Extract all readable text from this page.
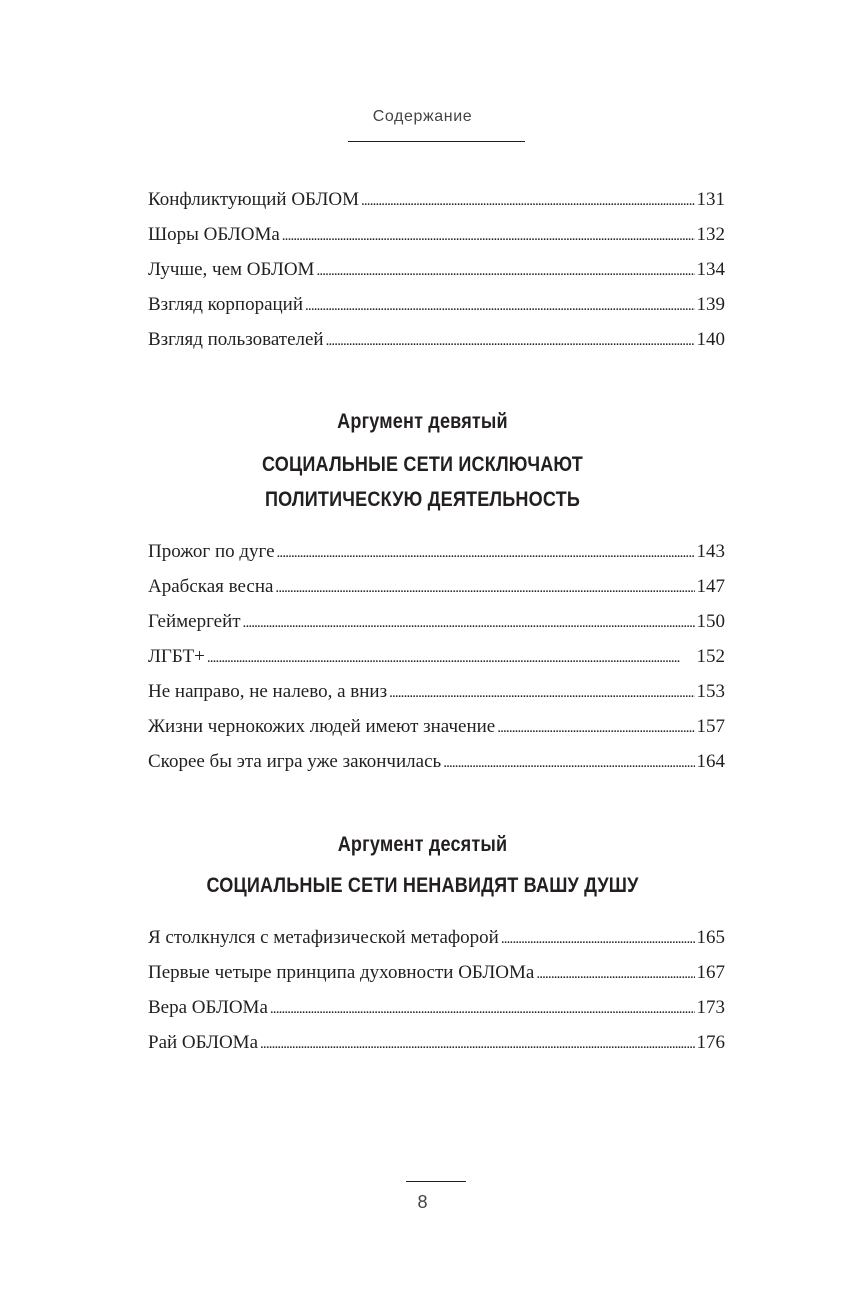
Содержание
Конфликтующий ОБЛОМ . . .	131
Шоры ОБЛОМа . . .	132
Лучше, чем ОБЛОМ . . .	134
Взгляд корпораций . . .	139
Взгляд пользователей . . .	140
Аргумент девятый
СОЦИАЛЬНЫЕ СЕТИ ИСКЛЮЧАЮТ
ПОЛИТИЧЕСКУЮ ДЕЯТЕЛЬНОСТЬ
Прожог по дуге . . .	143
Арабская весна . . .	147
Геймергейт . . .	150
ЛГБТ+ . . .	152
Не направо, не налево, а вниз . . .	153
Жизни чернокожих людей имеют значение . . .	157
Скорее бы эта игра уже закончилась . . .	164
Аргумент десятый
СОЦИАЛЬНЫЕ СЕТИ НЕНАВИДЯТ ВАШУ ДУШУ
Я столкнулся с метафизической метафорой . . .	165
Первые четыре принципа духовности ОБЛОМа . . .	167
Вера ОБЛОМа . . .	173
Рай ОБЛОМа . . .	176
8
